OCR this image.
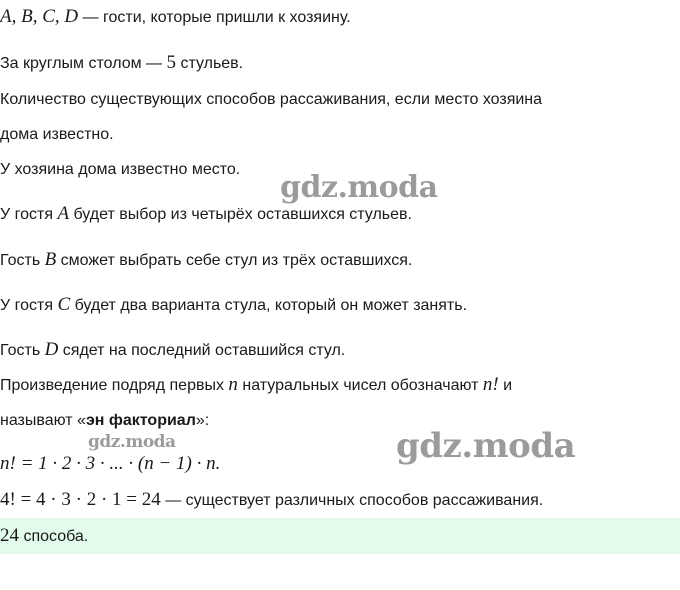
A, B, C, D — гости, которые пришли к хозяину.
За круглым столом — 5 стульев.
Количество существующих способов рассаживания, если место хозяина
дома известно.
У хозяина дома известно место.
У гостя A будет выбор из четырёх оставшихся стульев.
Гость B сможет выбрать себе стул из трёх оставшихся.
У гостя C будет два варианта стула, который он может занять.
Гость D сядет на последний оставшийся стул.
Произведение подряд первых n натуральных чисел обозначают n! и
называют «эн факториал»:
n! = 1 · 2 · 3 · ... · (n − 1) · n.
4! = 4 · 3 · 2 · 1 = 24 — существует различных способов рассаживания.
24 способа.
gdz.moda
gdz.moda	gdz.moda
